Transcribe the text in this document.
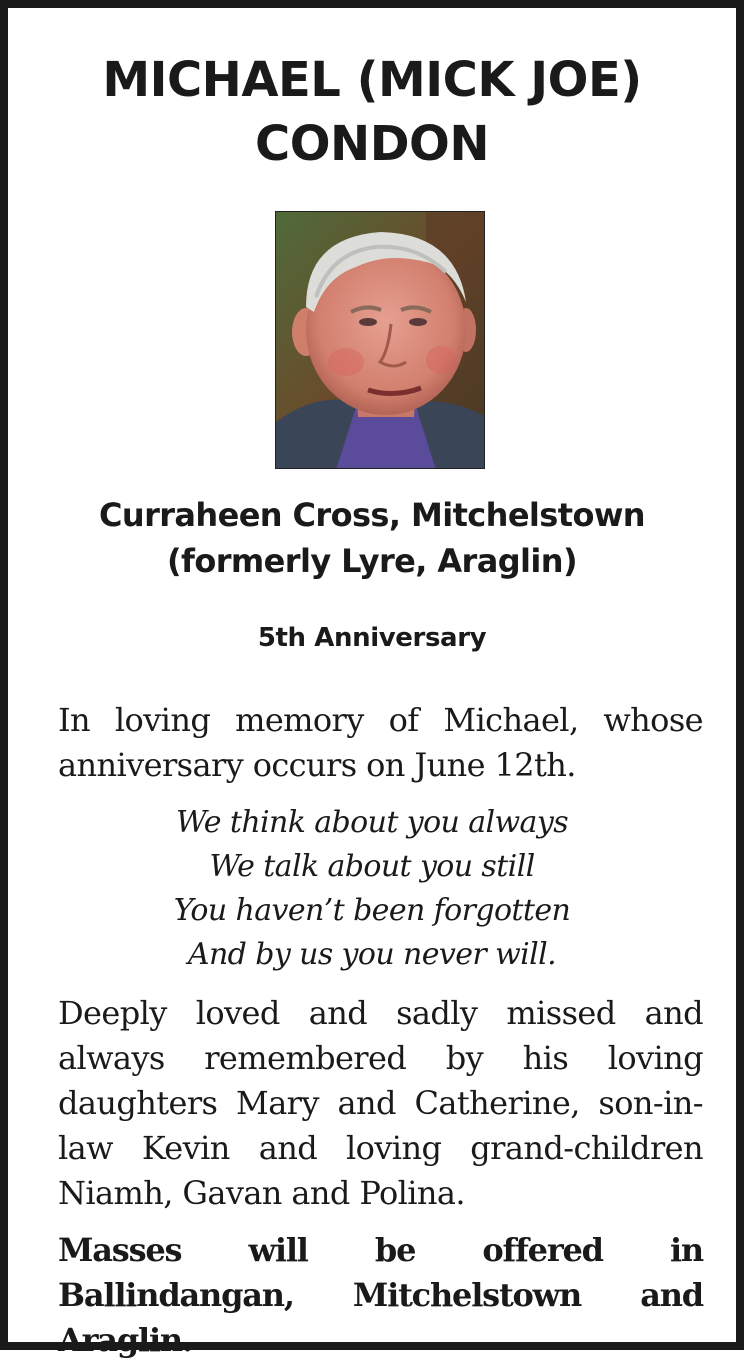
MICHAEL (MICK JOE)
CONDON
Curraheen Cross, Mitchelstown
(formerly Lyre, Araglin)
5th Anniversary
In loving memory of Michael, whose anniversary occurs on June 12th.
We think about you always
We talk about you still
You haven’t been forgotten
And by us you never will.
Deeply loved and sadly missed and always remembered by his loving daughters Mary and Catherine, son-in-law Kevin and loving grand-children Niamh, Gavan and Polina.
Masses will be offered in Ballindangan, Mitchelstown and Araglin.
